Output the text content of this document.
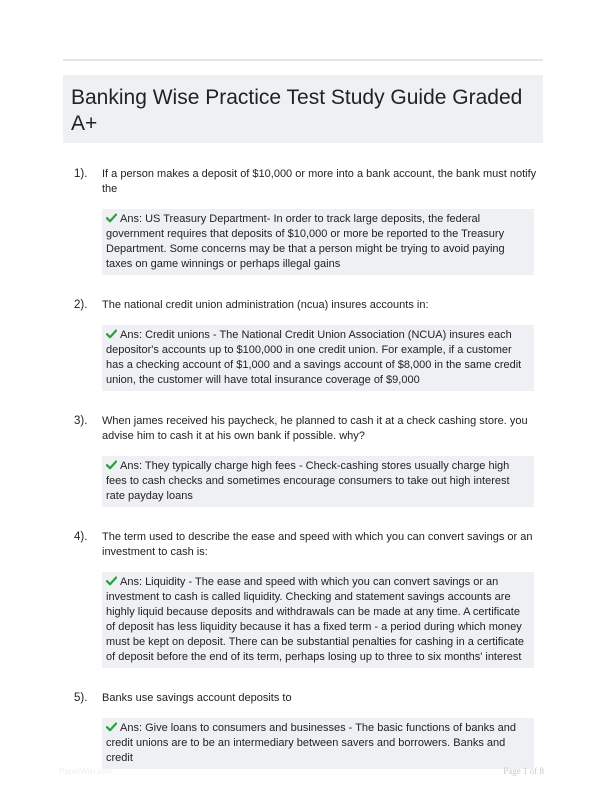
Banking Wise Practice Test Study Guide Graded A+
1). If a person makes a deposit of $10,000 or more into a bank account, the bank must notify the
Ans: US Treasury Department- In order to track large deposits, the federal government requires that deposits of $10,000 or more be reported to the Treasury Department. Some concerns may be that a person might be trying to avoid paying taxes on game winnings or perhaps illegal gains
2). The national credit union administration (ncua) insures accounts in:
Ans: Credit unions - The National Credit Union Association (NCUA) insures each depositor's accounts up to $100,000 in one credit union. For example, if a customer has a checking account of $1,000 and a savings account of $8,000 in the same credit union, the customer will have total insurance coverage of $9,000
3). When james received his paycheck, he planned to cash it at a check cashing store. you advise him to cash it at his own bank if possible. why?
Ans: They typically charge high fees - Check-cashing stores usually charge high fees to cash checks and sometimes encourage consumers to take out high interest rate payday loans
4). The term used to describe the ease and speed with which you can convert savings or an investment to cash is:
Ans: Liquidity - The ease and speed with which you can convert savings or an investment to cash is called liquidity. Checking and statement savings accounts are highly liquid because deposits and withdrawals can be made at any time. A certificate of deposit has less liquidity because it has a fixed term - a period during which money must be kept on deposit. There can be substantial penalties for cashing in a certificate of deposit before the end of its term, perhaps losing up to three to six months' interest
5). Banks use savings account deposits to
Ans: Give loans to consumers and businesses - The basic functions of banks and credit unions are to be an intermediary between savers and borrowers. Banks and credit
PaperWiki.com	Page 1 of 8
